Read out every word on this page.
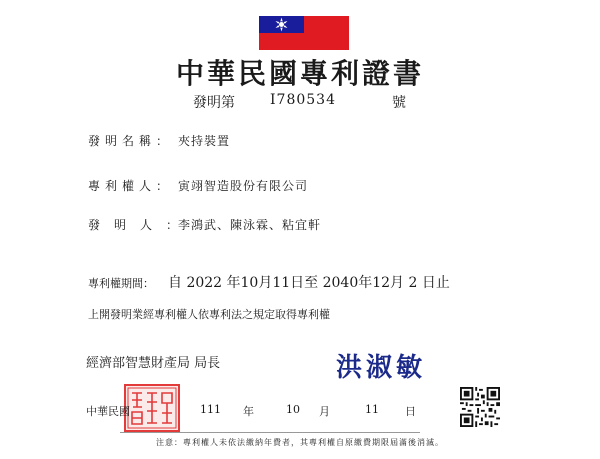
中華民國專利證書
發明第	I780534	號
發明名稱： 夾持裝置
專利權人： 寅翊智造股份有限公司
發明人：
李鴻武、陳泳霖、粘宜軒
專利權期間： 自 2022 年10月11日至 2040年12月 2 日止
上開發明業經專利權人依專利法之規定取得專利權
經濟部智慧財產局 局長	洪淑敏
中華民國	111 年	10 月	11 日
注意：專利權人未依法繳納年費者，其專利權自原繳費期限屆滿後消滅。
